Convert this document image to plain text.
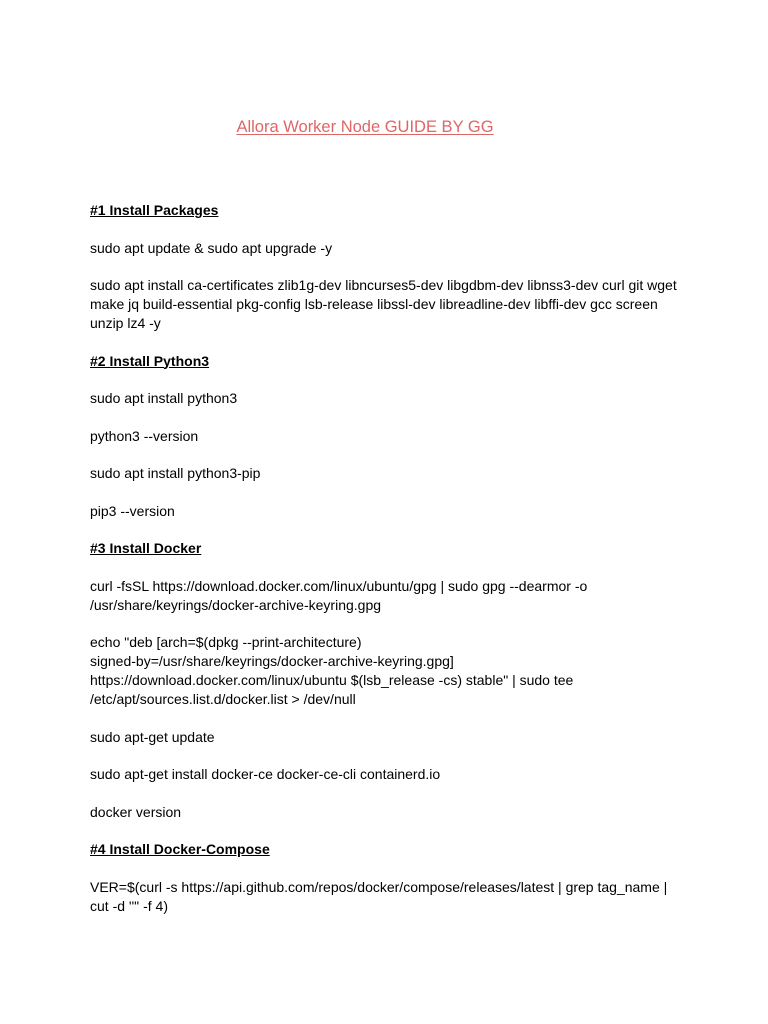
Allora Worker Node GUIDE BY GG

#1 Install Packages

sudo apt update & sudo apt upgrade -y
sudo apt install ca-certificates zlib1g-dev libncurses5-dev libgdbm-dev libnss3-dev curl git wget
make jq build-essential pkg-config lsb-release libssl-dev libreadline-dev libffi-dev gcc screen
unzip lz4 -y

#2 Install Python3

sudo apt install python3
python3 --version
sudo apt install python3-pip
pip3 --version

#3 Install Docker

curl -fsSL https://download.docker.com/linux/ubuntu/gpg | sudo gpg --dearmor -o
/usr/share/keyrings/docker-archive-keyring.gpg
echo "deb [arch=$(dpkg --print-architecture)
signed-by=/usr/share/keyrings/docker-archive-keyring.gpg]
https://download.docker.com/linux/ubuntu $(lsb_release -cs) stable" | sudo tee
/etc/apt/sources.list.d/docker.list > /dev/null
sudo apt-get update
sudo apt-get install docker-ce docker-ce-cli containerd.io
docker version

#4 Install Docker-Compose

VER=$(curl -s https://api.github.com/repos/docker/compose/releases/latest | grep tag_name |
cut -d '"' -f 4)
